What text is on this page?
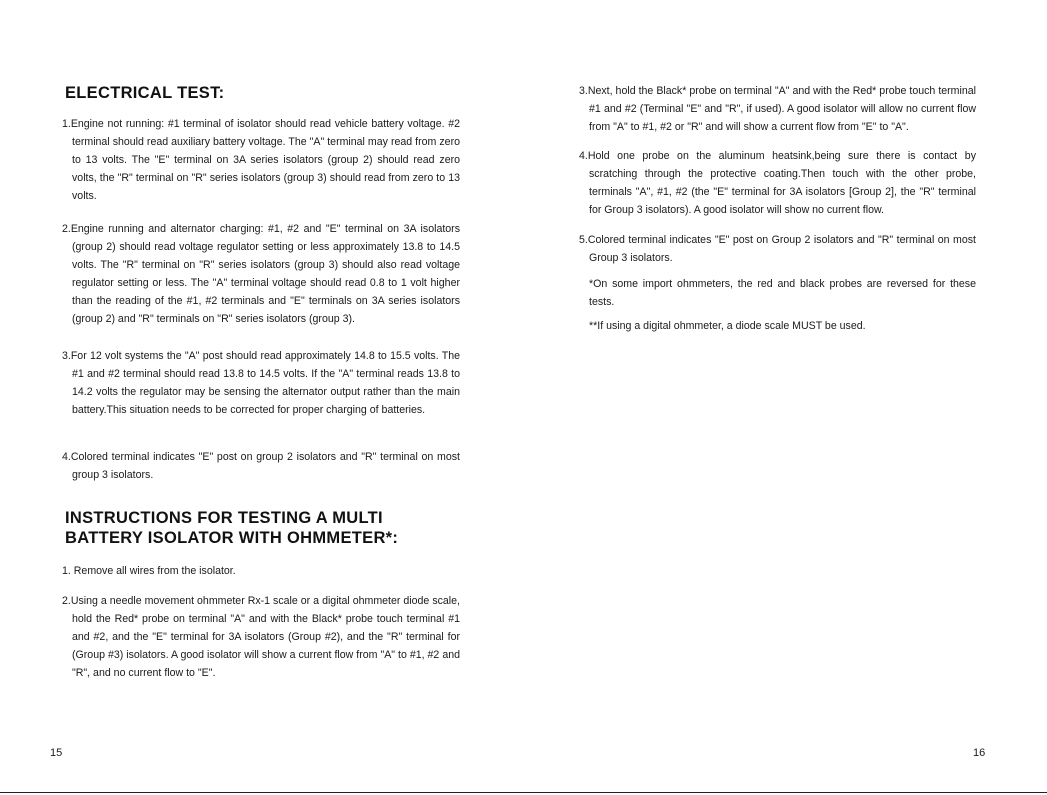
ELECTRICAL TEST:

1.Engine not running: #1 terminal of isolator should read vehicle battery voltage. #2 terminal should read auxiliary battery voltage. The "A" terminal may read from zero to 13 volts. The "E" terminal on 3A series isolators (group 2) should read zero volts, the "R" terminal on "R" series isolators (group 3) should read from zero to 13 volts.

2.Engine running and alternator charging: #1, #2 and "E" terminal on 3A isolators (group 2) should read voltage regulator setting or less approximately 13.8 to 14.5 volts. The "R" terminal on "R" series isolators (group 3) should also read voltage regulator setting or less. The "A" terminal voltage should read 0.8 to 1 volt higher than the reading of the #1, #2 terminals and "E" terminals on 3A series isolators (group 2) and "R" terminals on "R" series isolators (group 3).

3.For 12 volt systems the "A" post should read approximately 14.8 to 15.5 volts. The #1 and #2 terminal should read 13.8 to 14.5 volts. If the "A" terminal reads 13.8 to 14.2 volts the regulator may be sensing the alternator output rather than the main battery.This situation needs to be corrected for proper charging of batteries.

4.Colored terminal indicates "E" post on group 2 isolators and "R" terminal on most group 3 isolators.

INSTRUCTIONS FOR TESTING A MULTI
BATTERY ISOLATOR WITH OHMMETER*:

1. Remove all wires from the isolator.

2.Using a needle movement ohmmeter Rx-1 scale or a digital ohmmeter diode scale, hold the Red* probe on terminal "A" and with the Black* probe touch terminal #1 and #2, and the "E" terminal for 3A isolators (Group #2), and the "R" terminal for (Group #3) isolators. A good isolator will show a current flow from "A" to #1, #2 and "R", and no current flow to "E".

15

3.Next, hold the Black* probe on terminal "A" and with the Red* probe touch terminal #1 and #2 (Terminal "E" and "R", if used). A good isolator will allow no current flow from "A" to #1, #2 or "R" and will show a current flow from "E" to "A".

4.Hold one probe on the aluminum heatsink,being sure there is contact by scratching through the protective coating.Then touch with the other probe, terminals "A", #1, #2 (the "E" terminal for 3A isolators [Group 2], the "R" terminal for Group 3 isolators). A good isolator will show no current flow.

5.Colored terminal indicates "E" post on Group 2 isolators and "R" terminal on most Group 3 isolators.

*On some import ohmmeters, the red and black probes are reversed for these tests.

**If using a digital ohmmeter, a diode scale MUST be used.

16
